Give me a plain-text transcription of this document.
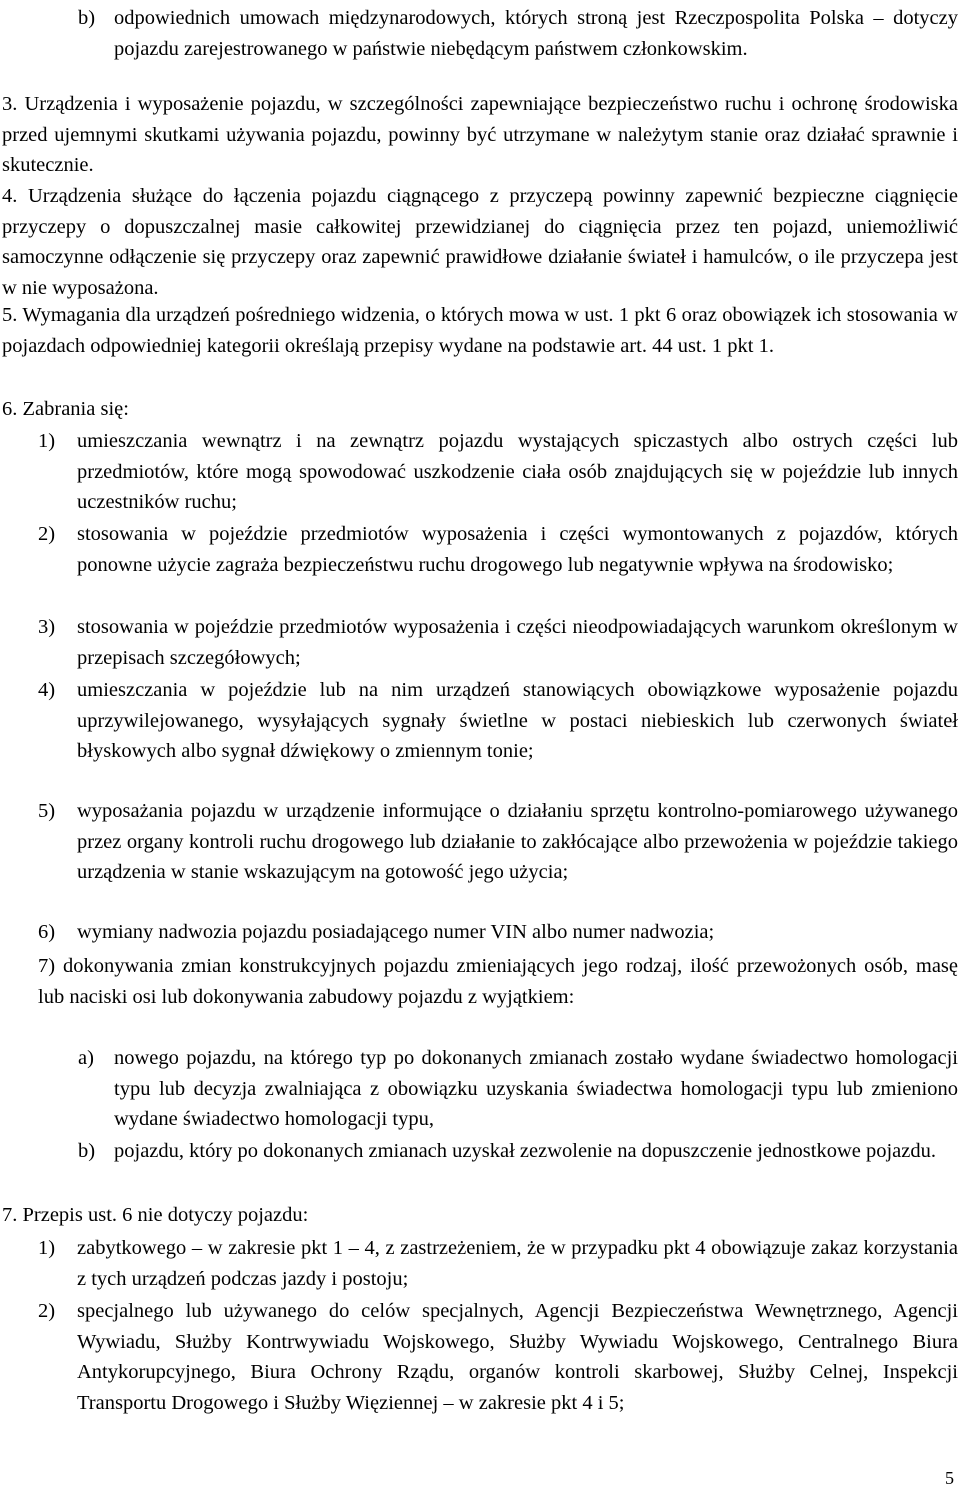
b) odpowiednich umowach międzynarodowych, których stroną jest Rzeczpospolita Polska – dotyczy pojazdu zarejestrowanego w państwie niebędącym państwem członkowskim.
3. Urządzenia i wyposażenie pojazdu, w szczególności zapewniające bezpieczeństwo ruchu i ochronę środowiska przed ujemnymi skutkami używania pojazdu, powinny być utrzymane w należytym stanie oraz działać sprawnie i skutecznie.
4. Urządzenia służące do łączenia pojazdu ciągnącego z przyczepą powinny zapewnić bezpieczne ciągnięcie przyczepy o dopuszczalnej masie całkowitej przewidzianej do ciągnięcia przez ten pojazd, uniemożliwić samoczynne odłączenie się przyczepy oraz zapewnić prawidłowe działanie świateł i hamulców, o ile przyczepa jest w nie wyposażona.
5. Wymagania dla urządzeń pośredniego widzenia, o których mowa w ust. 1 pkt 6 oraz obowiązek ich stosowania w pojazdach odpowiedniej kategorii określają przepisy wydane na podstawie art. 44 ust. 1 pkt 1.
6. Zabrania się:
1)	umieszczania wewnątrz i na zewnątrz pojazdu wystających spiczastych albo ostrych części lub przedmiotów, które mogą spowodować uszkodzenie ciała osób znajdujących się w pojeździe lub innych uczestników ruchu;
2)	stosowania w pojeździe przedmiotów wyposażenia i części wymontowanych z pojazdów, których ponowne użycie zagraża bezpieczeństwu ruchu drogowego lub negatywnie wpływa na środowisko;
3)	stosowania w pojeździe przedmiotów wyposażenia i części nieodpowiadających warunkom określonym w przepisach szczegółowych;
4)	umieszczania w pojeździe lub na nim urządzeń stanowiących obowiązkowe wyposażenie pojazdu uprzywilejowanego, wysyłających sygnały świetlne w postaci niebieskich lub czerwonych świateł błyskowych albo sygnał dźwiękowy o zmiennym tonie;
5)	wyposażania pojazdu w urządzenie informujące o działaniu sprzętu kontrolno-pomiarowego używanego przez organy kontroli ruchu drogowego lub działanie to zakłócające albo przewożenia w pojeździe takiego urządzenia w stanie wskazującym na gotowość jego użycia;
6)	wymiany nadwozia pojazdu posiadającego numer VIN albo numer nadwozia;
7) dokonywania zmian konstrukcyjnych pojazdu zmieniających jego rodzaj, ilość przewożonych osób, masę lub naciski osi lub dokonywania zabudowy pojazdu z wyjątkiem:
a) nowego pojazdu, na którego typ po dokonanych zmianach zostało wydane świadectwo homologacji typu lub decyzja zwalniająca z obowiązku uzyskania świadectwa homologacji typu lub zmieniono wydane świadectwo homologacji typu,
b) pojazdu, który po dokonanych zmianach uzyskał zezwolenie na dopuszczenie jednostkowe pojazdu.
7. Przepis ust. 6 nie dotyczy pojazdu:
1)	zabytkowego – w zakresie pkt 1 – 4, z zastrzeżeniem, że w przypadku pkt 4 obowiązuje zakaz korzystania z tych urządzeń podczas jazdy i postoju;
2)	specjalnego lub używanego do celów specjalnych, Agencji Bezpieczeństwa Wewnętrznego, Agencji Wywiadu, Służby Kontrwywiadu Wojskowego, Służby Wywiadu Wojskowego, Centralnego Biura Antykorupcyjnego, Biura Ochrony Rządu, organów kontroli skarbowej, Służby Celnej, Inspekcji Transportu Drogowego i Służby Więziennej – w zakresie pkt 4 i 5;
5
